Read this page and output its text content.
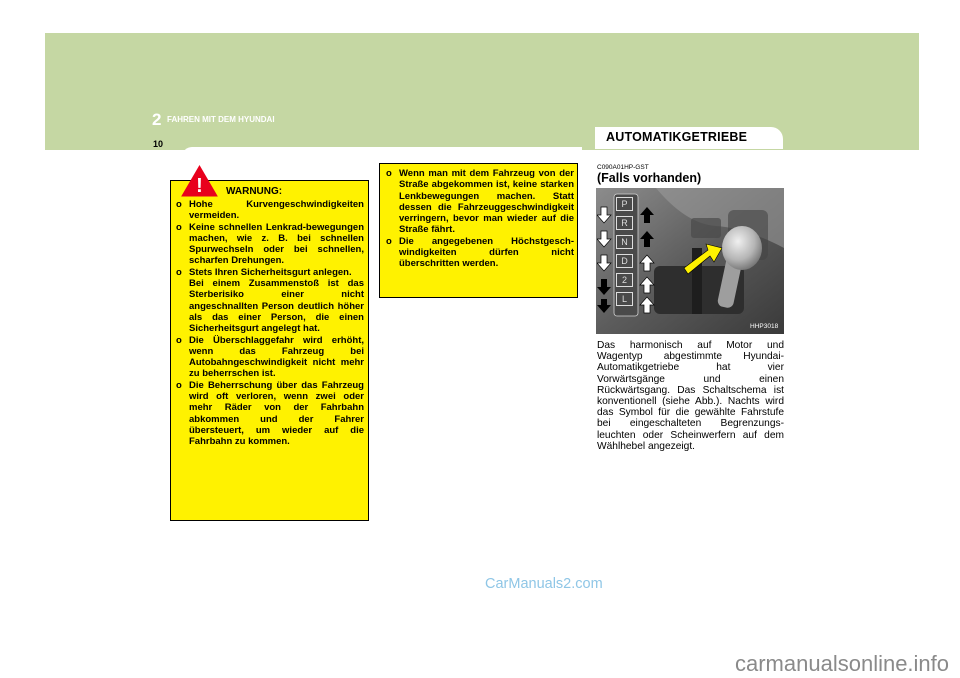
2 FAHREN MIT DEM HYUNDAI
10	AUTOMATIKGETRIEBE
! WARNUNG:
o Hohe Kurvengeschwindigkeiten vermeiden.
o Keine schnellen Lenkrad-bewegungen machen, wie z. B. bei schnellen Spurwechseln oder bei schnellen, scharfen Drehungen.
o Stets Ihren Sicherheitsgurt anlegen.
Bei einem Zusammenstoß ist das Sterberisiko einer nicht angeschnallten Person deutlich höher als das einer Person, die einen Sicherheitsgurt angelegt hat.
o Die Überschlaggefahr wird erhöht, wenn das Fahrzeug bei Autobahngeschwindigkeit nicht mehr zu beherrschen ist.
o Die Beherrschung über das Fahrzeug wird oft verloren, wenn zwei oder mehr Räder von der Fahrbahn abkommen und der Fahrer übersteuert, um wieder auf die Fahrbahn zu kommen.
o Wenn man mit dem Fahrzeug von der Straße abgekommen ist, keine starken Lenkbewegungen machen. Statt dessen die Fahrzeuggeschwindigkeit verringern, bevor man wieder auf die Straße fährt.
o Die angegebenen Höchstgesch-windigkeiten dürfen nicht überschritten werden.
C090A01HP-GST
(Falls vorhanden)
P
R
N
D
2
L
HHP3018
Das harmonisch auf Motor und Wagentyp abgestimmte Hyundai-Automatikgetriebe hat vier Vorwärtsgänge und einen Rückwärtsgang. Das Schaltschema ist konventionell (siehe Abb.). Nachts wird das Symbol für die gewählte Fahrstufe bei eingeschalteten Begrenzungs-leuchten oder Scheinwerfern auf dem Wählhebel angezeigt.
CarManuals2.com
carmanualsonline.info
